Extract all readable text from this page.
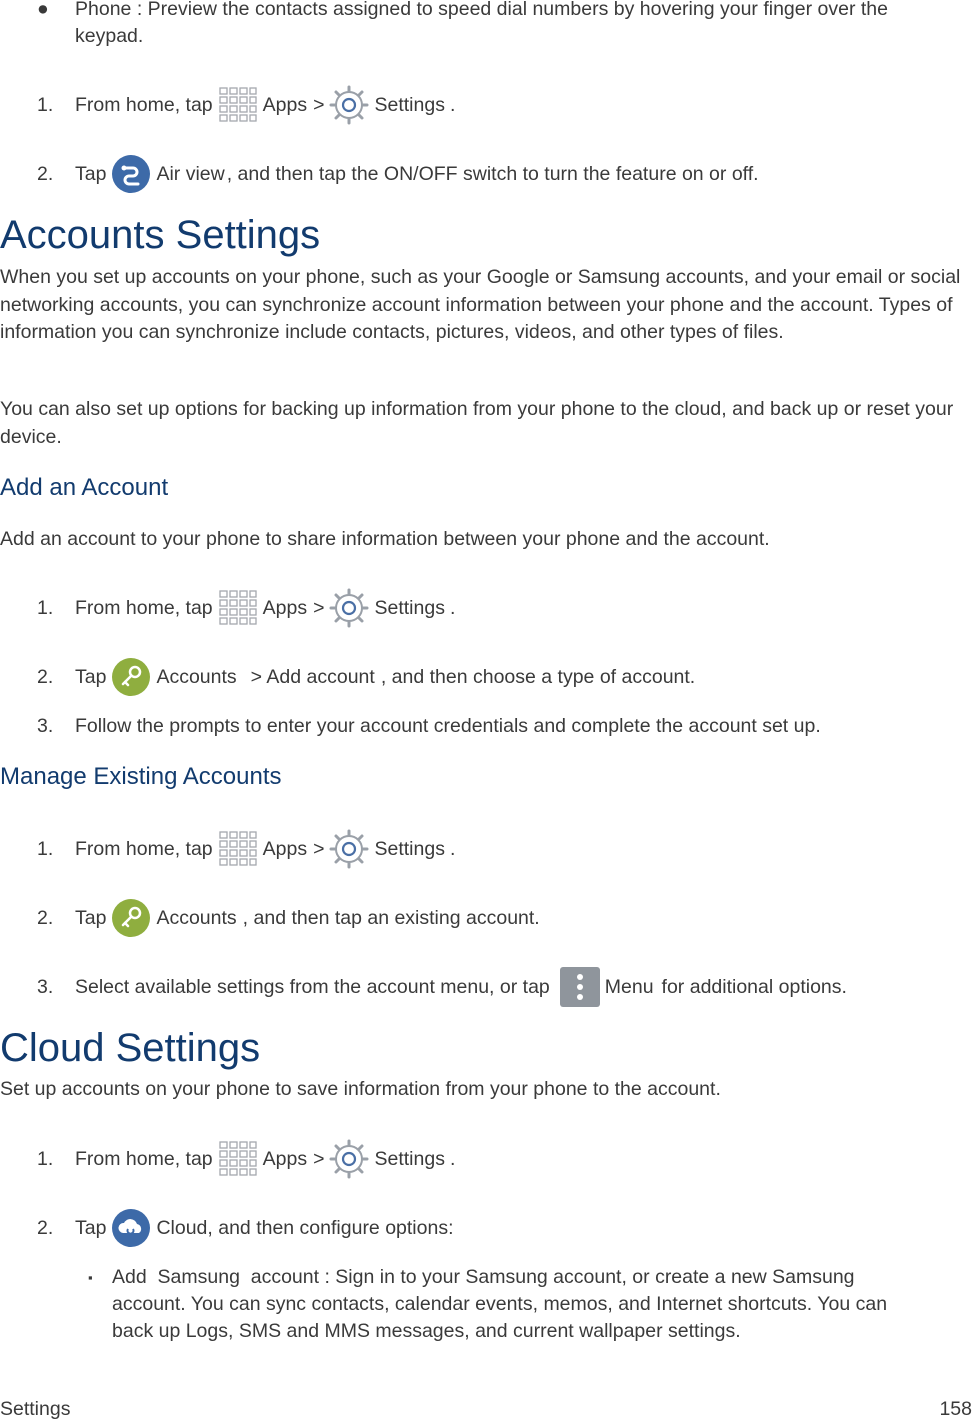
● Phone : Preview the contacts assigned to speed dial numbers by hovering your finger over the
keypad.
1. From home, tap	Apps >	Settings .
2. Tap	Air view , and then tap the ON/OFF switch to turn the feature on or off.
Accounts Settings
When you set up accounts on your phone, such as your Google or Samsung accounts, and your email or social networking accounts, you can synchronize account information between your phone and the account. Types of information you can synchronize include contacts, pictures, videos, and other types of files.
You can also set up options for backing up information from your phone to the cloud, and back up or reset your device.
Add an Account
Add an account to your phone to share information between your phone and the account.
1. From home, tap	Apps >	Settings .
2. Tap	Accounts > Add account , and then choose a type of account.
3. Follow the prompts to enter your account credentials and complete the account set up.
Manage Existing Accounts
1. From home, tap	Apps >	Settings .
2. Tap	Accounts , and then tap an existing account.
3. Select available settings from the account menu, or tap	Menu for additional options.
Cloud Settings
Set up accounts on your phone to save information from your phone to the account.
1. From home, tap	Apps >	Settings .
2. Tap	Cloud, and then configure options:
▪ Add  Samsung  account : Sign in to your Samsung account, or create a new Samsung
account. You can sync contacts, calendar events, memos, and Internet shortcuts. You can
back up Logs, SMS and MMS messages, and current wallpaper settings.
Settings	158
